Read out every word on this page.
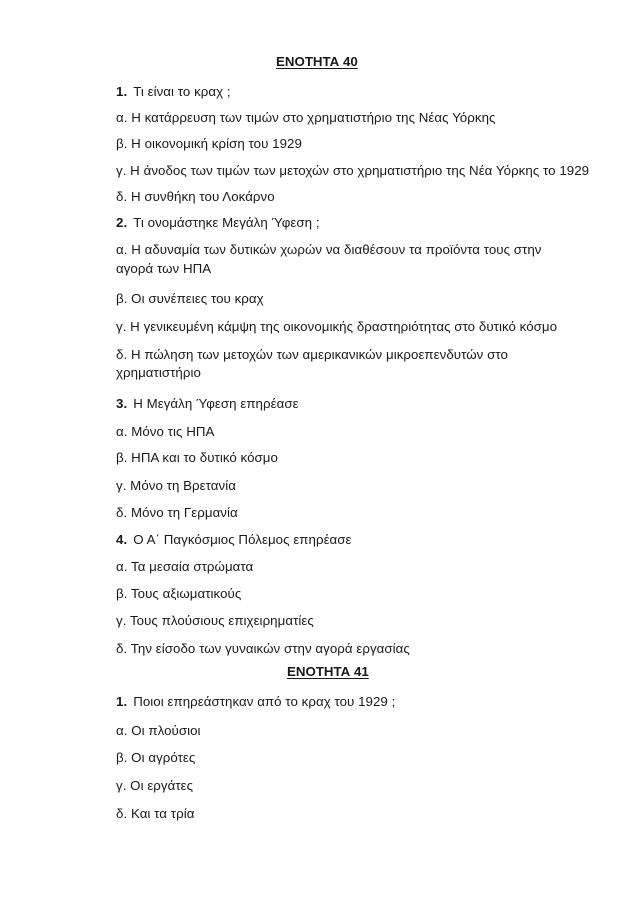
ΕΝΟΤΗΤΑ 40
1. Τι είναι το κραχ ;
α. Η κατάρρευση των τιμών στο χρηματιστήριο της Νέας Υόρκης
β. Η οικονομική κρίση του 1929
γ. Η άνοδος των τιμών των μετοχών στο χρηματιστήριο της Νέα Υόρκης το 1929
δ. Η συνθήκη του Λοκάρνο
2. Τι ονομάστηκε Μεγάλη Ύφεση ;
α. Η αδυναμία των δυτικών χωρών να διαθέσουν τα προϊόντα τους στην
αγορά των ΗΠΑ
β. Οι συνέπειες του κραχ
γ. Η γενικευμένη κάμψη της οικονομικής δραστηριότητας στο δυτικό κόσμο
δ. Η πώληση των μετοχών των αμερικανικών μικροεπενδυτών στο
χρηματιστήριο
3. Η Μεγάλη Ύφεση επηρέασε
α. Μόνο τις ΗΠΑ
β. ΗΠΑ και το δυτικό κόσμο
γ. Μόνο τη Βρετανία
δ. Μόνο τη Γερμανία
4. Ο Α΄ Παγκόσμιος Πόλεμος επηρέασε
α. Τα μεσαία στρώματα
β. Τους αξιωματικούς
γ. Τους πλούσιους επιχειρηματίες
δ. Την είσοδο των γυναικών στην αγορά εργασίας
ΕΝΟΤΗΤΑ 41
1. Ποιοι επηρεάστηκαν από το κραχ του 1929 ;
α. Οι πλούσιοι
β. Οι αγρότες
γ. Οι εργάτες
δ. Και τα τρία
